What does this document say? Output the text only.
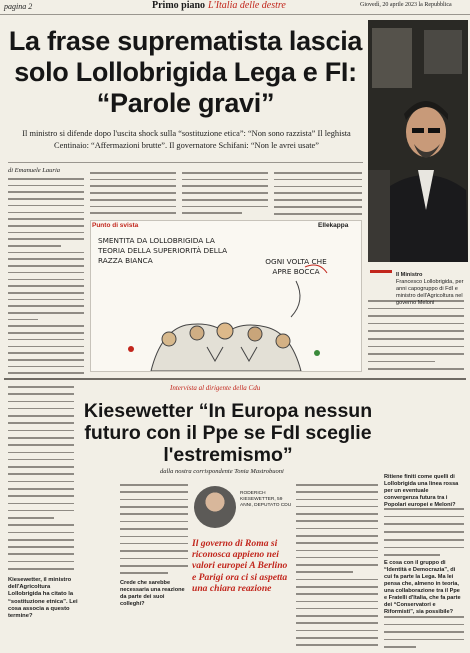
pagina 2	Primo piano L'Italia delle destre	Giovedì, 20 aprile 2023 la Repubblica
La frase suprematista lascia solo Lollobrigida Lega e FI: “Parole gravi”
Il ministro si difende dopo l'uscita shock sulla “sostituzione etica”: “Non sono razzista” Il leghista Centinaio: “Affermazioni brutte”. Il governatore Schifani: “Non le avrei usate”
di Emanuele Lauria
Il Ministro
Francesco Lollobrigida, per anni capogruppo di FdI e ministro dell'Agricoltura nel governo Meloni
Punto di svista	Ellekappa
SMENTITA DA LOLLOBRIGIDA LA TEORIA DELLA SUPERIORITÀ DELLA RAZZA BIANCA	OGNI VOLTA CHE APRE BOCCA
Intervista al dirigente della Cdu
Kiesewetter “In Europa nessun futuro con il Ppe se FdI sceglie l'estremismo”
dalla nostra corrispondente Tonia Mastrobuoni
Kiesewetter, il ministro dell'Agricoltura Lollobrigida ha citato la “sostituzione etnica”. Lei cosa associa a questo termine?
Crede che sarebbe necessaria una reazione da parte dei suoi colleghi?
RODERICH KIESEWETTER, 59 ANNI, DEPUTATO CDU
Il governo di Roma si riconosca appieno nei valori europei A Berlino e Parigi ora ci si aspetta una chiara reazione
Ritiene finiti come quelli di Lollobrigida una linea rossa per un eventuale convergenza futura tra i Popolari europei e Meloni?
E cosa con il gruppo di “Identità e Democrazia”, di cui fa parte la Lega. Ma lei pensa che, almeno in teoria, una collaborazione tra il Ppe e Fratelli d'Italia, che fa parte dei “Conservatori e Riformisti”, sia possibile?
